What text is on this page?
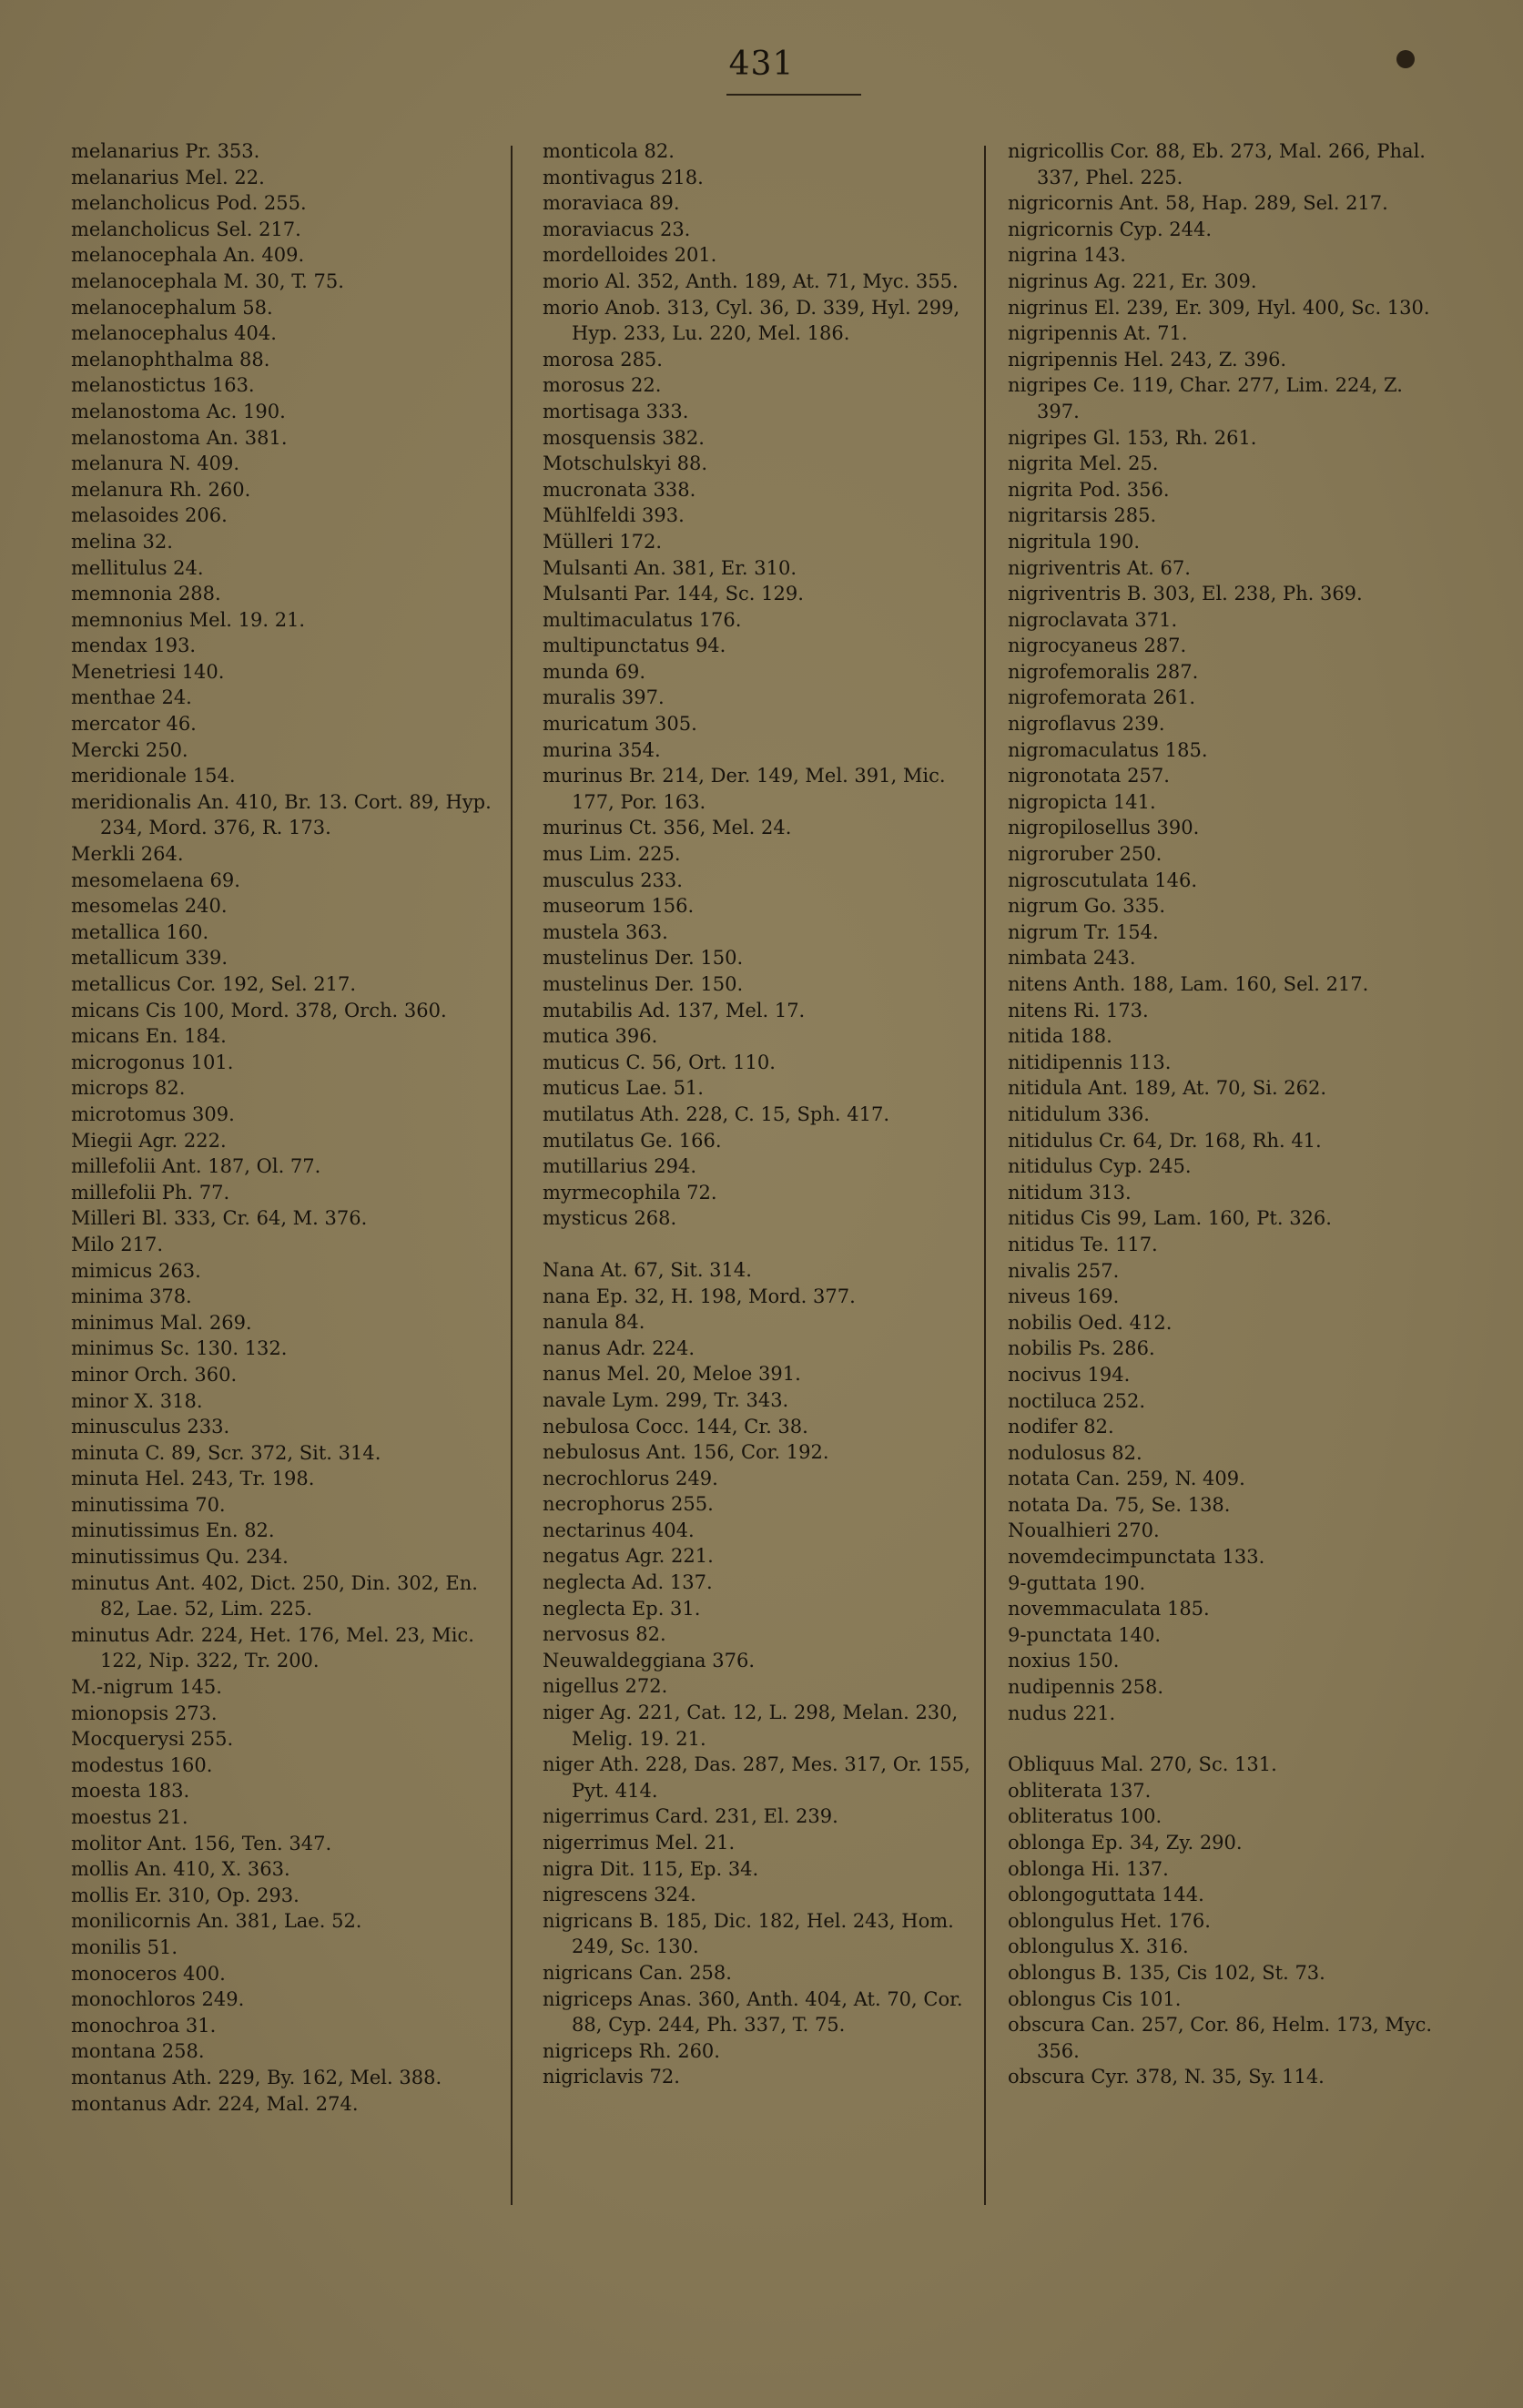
431
melanarius Pr. 353.
melanarius Mel. 22.
melancholicus Pod. 255.
melancholicus Sel. 217.
melanocephala An. 409.
melanocephala M. 30, T. 75.
melanocephalum 58.
melanocephalus 404.
melanophthalma 88.
melanostictus 163.
melanostoma Ac. 190.
melanostoma An. 381.
melanura N. 409.
melanura Rh. 260.
melasoides 206.
melina 32.
mellitulus 24.
memnonia 288.
memnonius Mel. 19. 21.
mendax 193.
Menetriesi 140.
menthae 24.
mercator 46.
Mercki 250.
meridionale 154.
meridionalis An. 410, Br. 13. Cort. 89, Hyp. 234, Mord. 376, R. 173.
Merkli 264.
mesomelaena 69.
mesomelas 240.
metallica 160.
metallicum 339.
metallicus Cor. 192, Sel. 217.
micans Cis 100, Mord. 378, Orch. 360.
micans En. 184.
microgonus 101.
microps 82.
microtomus 309.
Miegii Agr. 222.
millefolii Ant. 187, Ol. 77.
millefolii Ph. 77.
Milleri Bl. 333, Cr. 64, M. 376.
Milo 217.
mimicus 263.
minima 378.
minimus Mal. 269.
minimus Sc. 130. 132.
minor Orch. 360.
minor X. 318.
minusculus 233.
minuta C. 89, Scr. 372, Sit. 314.
minuta Hel. 243, Tr. 198.
minutissima 70.
minutissimus En. 82.
minutissimus Qu. 234.
minutus Ant. 402, Dict. 250, Din. 302, En. 82, Lae. 52, Lim. 225.
minutus Adr. 224, Het. 176, Mel. 23, Mic. 122, Nip. 322, Tr. 200.
M.-nigrum 145.
mionopsis 273.
Mocquerysi 255.
modestus 160.
moesta 183.
moestus 21.
molitor Ant. 156, Ten. 347.
mollis An. 410, X. 363.
mollis Er. 310, Op. 293.
monilicornis An. 381, Lae. 52.
monilis 51.
monoceros 400.
monochloros 249.
monochroa 31.
montana 258.
montanus Ath. 229, By. 162, Mel. 388.
montanus Adr. 224, Mal. 274.
monticola 82.
montivagus 218.
moraviaca 89.
moraviacus 23.
mordelloides 201.
morio Al. 352, Anth. 189, At. 71, Myc. 355.
morio Anob. 313, Cyl. 36, D. 339, Hyl. 299, Hyp. 233, Lu. 220, Mel. 186.
morosa 285.
morosus 22.
mortisaga 333.
mosquensis 382.
Motschulskyi 88.
mucronata 338.
Mühlfeldi 393.
Mülleri 172.
Mulsanti An. 381, Er. 310.
Mulsanti Par. 144, Sc. 129.
multimaculatus 176.
multipunctatus 94.
munda 69.
muralis 397.
muricatum 305.
murina 354.
murinus Br. 214, Der. 149, Mel. 391, Mic. 177, Por. 163.
murinus Ct. 356, Mel. 24.
mus Lim. 225.
musculus 233.
museorum 156.
mustela 363.
mustelinus Der. 150.
mustelinus Der. 150.
mutabilis Ad. 137, Mel. 17.
mutica 396.
muticus C. 56, Ort. 110.
muticus Lae. 51.
mutilatus Ath. 228, C. 15, Sph. 417.
mutilatus Ge. 166.
mutillarius 294.
myrmecophila 72.
mysticus 268.
Nana At. 67, Sit. 314.
nana Ep. 32, H. 198, Mord. 377.
nanula 84.
nanus Adr. 224.
nanus Mel. 20, Meloe 391.
navale Lym. 299, Tr. 343.
nebulosa Cocc. 144, Cr. 38.
nebulosus Ant. 156, Cor. 192.
necrochlorus 249.
necrophorus 255.
nectarinus 404.
negatus Agr. 221.
neglecta Ad. 137.
neglecta Ep. 31.
nervosus 82.
Neuwaldeggiana 376.
nigellus 272.
niger Ag. 221, Cat. 12, L. 298, Melan. 230, Melig. 19. 21.
niger Ath. 228, Das. 287, Mes. 317, Or. 155, Pyt. 414.
nigerrimus Card. 231, El. 239.
nigerrimus Mel. 21.
nigra Dit. 115, Ep. 34.
nigrescens 324.
nigricans B. 185, Dic. 182, Hel. 243, Hom. 249, Sc. 130.
nigricans Can. 258.
nigriceps Anas. 360, Anth. 404, At. 70, Cor. 88, Cyp. 244, Ph. 337, T. 75.
nigriceps Rh. 260.
nigriclavis 72.
nigricollis Cor. 88, Eb. 273, Mal. 266, Phal. 337, Phel. 225.
nigricornis Ant. 58, Hap. 289, Sel. 217.
nigricornis Cyp. 244.
nigrina 143.
nigrinus Ag. 221, Er. 309.
nigrinus El. 239, Er. 309, Hyl. 400, Sc. 130.
nigripennis At. 71.
nigripennis Hel. 243, Z. 396.
nigripes Ce. 119, Char. 277, Lim. 224, Z. 397.
nigripes Gl. 153, Rh. 261.
nigrita Mel. 25.
nigrita Pod. 356.
nigritarsis 285.
nigritula 190.
nigriventris At. 67.
nigriventris B. 303, El. 238, Ph. 369.
nigroclavata 371.
nigrocyaneus 287.
nigrofemoralis 287.
nigrofemorata 261.
nigroflavus 239.
nigromaculatus 185.
nigronotata 257.
nigropicta 141.
nigropilosellus 390.
nigroruber 250.
nigroscutulata 146.
nigrum Go. 335.
nigrum Tr. 154.
nimbata 243.
nitens Anth. 188, Lam. 160, Sel. 217.
nitens Ri. 173.
nitida 188.
nitidipennis 113.
nitidula Ant. 189, At. 70, Si. 262.
nitidulum 336.
nitidulus Cr. 64, Dr. 168, Rh. 41.
nitidulus Cyp. 245.
nitidum 313.
nitidus Cis 99, Lam. 160, Pt. 326.
nitidus Te. 117.
nivalis 257.
niveus 169.
nobilis Oed. 412.
nobilis Ps. 286.
nocivus 194.
noctiluca 252.
nodifer 82.
nodulosus 82.
notata Can. 259, N. 409.
notata Da. 75, Se. 138.
Noualhieri 270.
novemdecimpunctata 133.
9-guttata 190.
novemmaculata 185.
9-punctata 140.
noxius 150.
nudipennis 258.
nudus 221.
Obliquus Mal. 270, Sc. 131.
obliterata 137.
obliteratus 100.
oblonga Ep. 34, Zy. 290.
oblonga Hi. 137.
oblongoguttata 144.
oblongulus Het. 176.
oblongulus X. 316.
oblongus B. 135, Cis 102, St. 73.
oblongus Cis 101.
obscura Can. 257, Cor. 86, Helm. 173, Myc. 356.
obscura Cyr. 378, N. 35, Sy. 114.
